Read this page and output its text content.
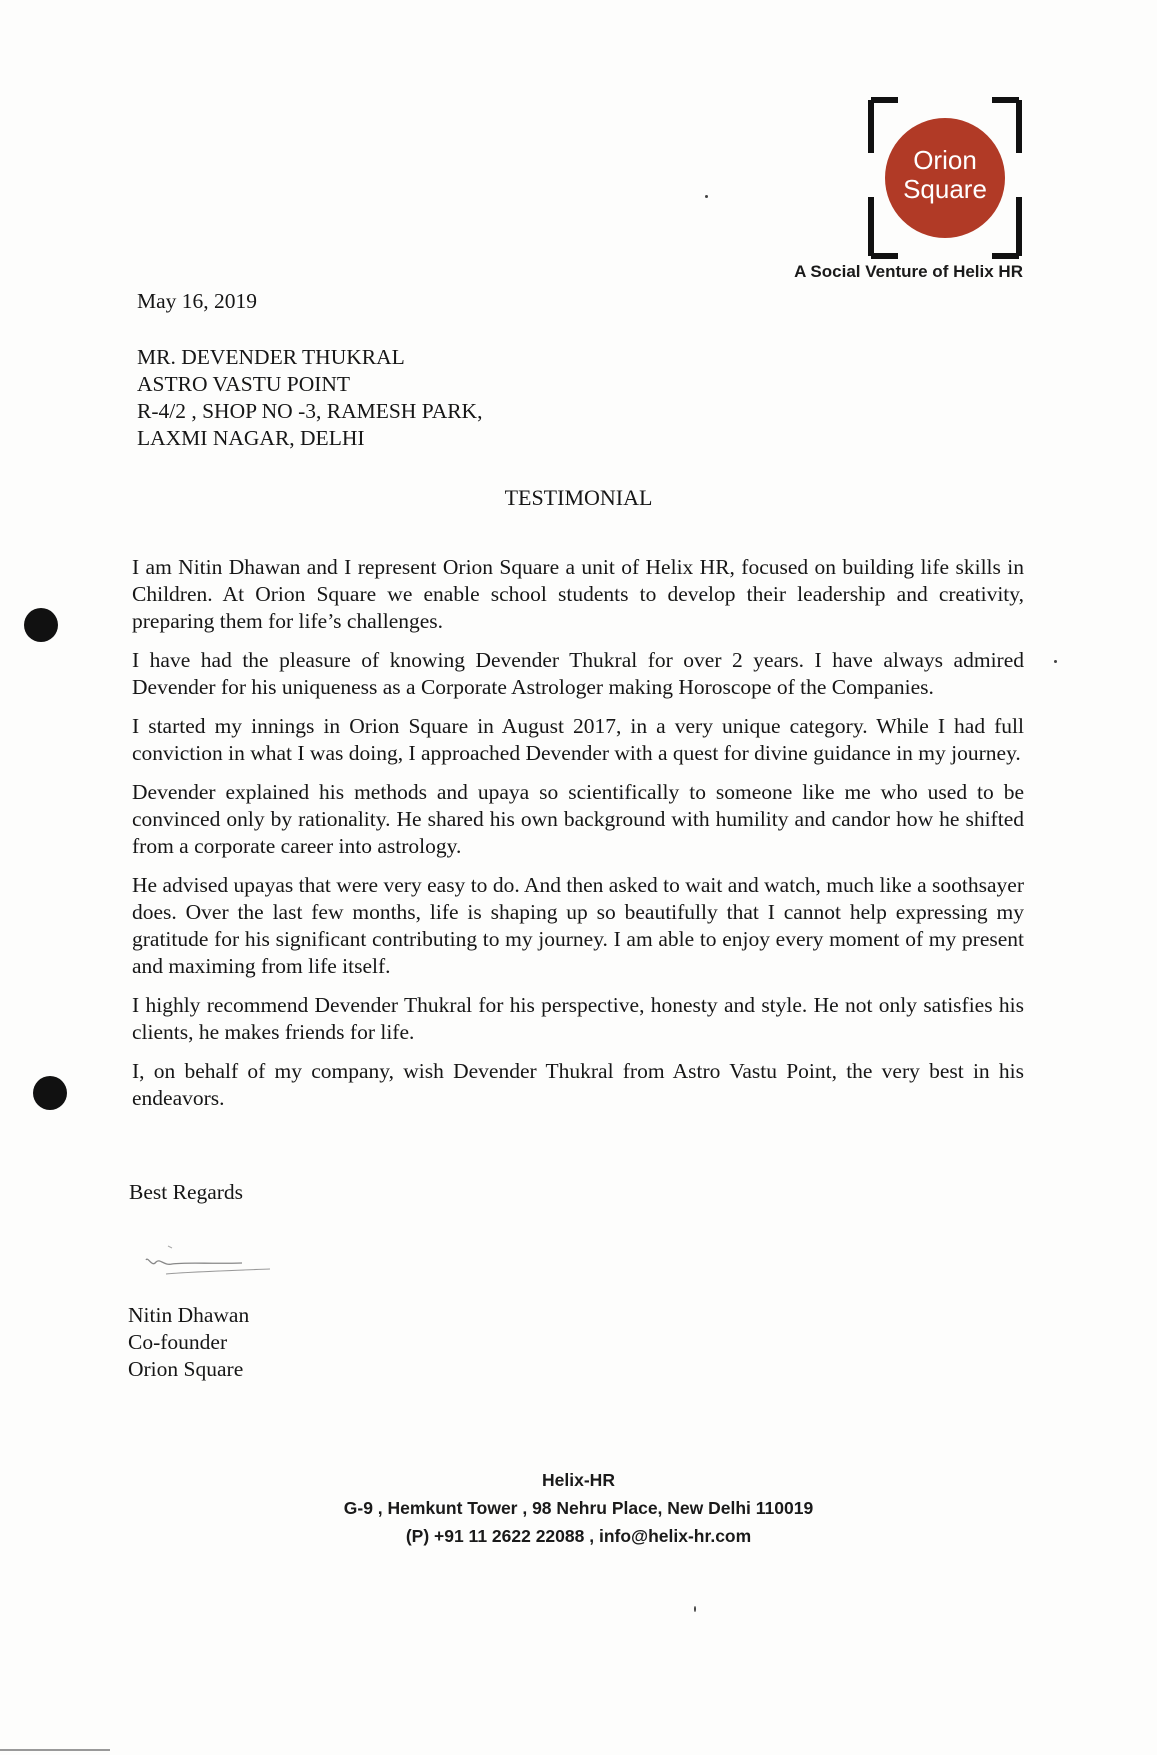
Orion
Square
A Social Venture of Helix HR
May 16, 2019
MR. DEVENDER THUKRAL
ASTRO VASTU POINT
R-4/2 , SHOP NO -3, RAMESH PARK,
LAXMI NAGAR, DELHI
TESTIMONIAL

I am Nitin Dhawan and I represent Orion Square a unit of Helix HR, focused on building life skills in Children. At Orion Square we enable school students to develop their leadership and creativity, preparing them for life’s challenges.

I have had the pleasure of knowing Devender Thukral for over 2 years. I have always admired Devender for his uniqueness as a Corporate Astrologer making Horoscope of the Companies.

I started my innings in Orion Square in August 2017, in a very unique category. While I had full conviction in what I was doing, I approached Devender with a quest for divine guidance in my journey.

Devender explained his methods and upaya so scientifically to someone like me who used to be convinced only by rationality. He shared his own background with humility and candor how he shifted from a corporate career into astrology.

He advised upayas that were very easy to do. And then asked to wait and watch, much like a soothsayer does. Over the last few months, life is shaping up so beautifully that I cannot help expressing my gratitude for his significant contributing to my journey. I am able to enjoy every moment of my present and maximing from life itself.

I highly recommend Devender Thukral for his perspective, honesty and style. He not only satisfies his clients, he makes friends for life.

I, on behalf of my company, wish Devender Thukral from Astro Vastu Point, the very best in his endeavors.

Best Regards
Nitin Dhawan
Co-founder
Orion Square
Helix-HR
G-9 , Hemkunt Tower , 98 Nehru Place, New Delhi 110019
(P) +91 11 2622 22088 , info@helix-hr.com
